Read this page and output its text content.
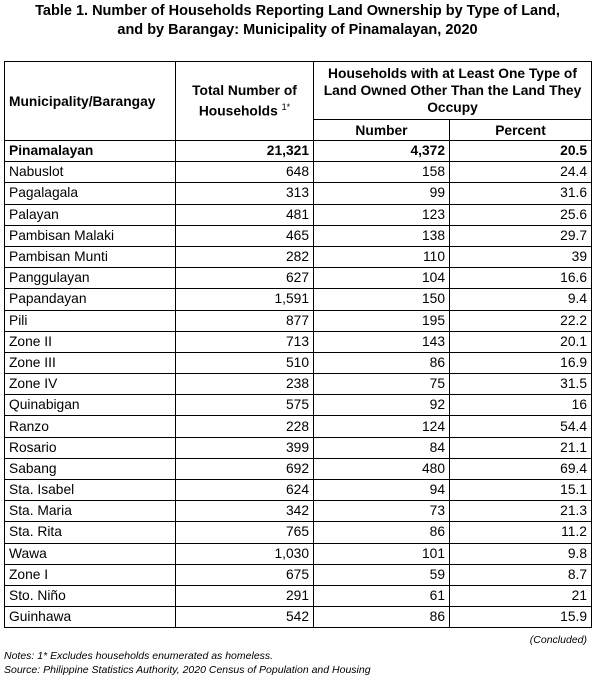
Table 1. Number of Households Reporting Land Ownership by Type of Land,
and by Barangay: Municipality of Pinamalayan, 2020
Municipality/Barangay	Total Number of Households $^{1*}$	Households with at Least One Type of Land Owned Other Than the Land They Occupy	
		Number	Percent
Pinamalayan	21,321	4,372	20.5
Nabuslot	648	158	24.4
Pagalagala	313	99	31.6
Palayan	481	123	25.6
Pambisan Malaki	465	138	29.7
Pambisan Munti	282	110	39
Panggulayan	627	104	16.6
Papandayan	1,591	150	9.4
Pili	877	195	22.2
Zone II	713	143	20.1
Zone III	510	86	16.9
Zone IV	238	75	31.5
Quinabigan	575	92	16
Ranzo	228	124	54.4
Rosario	399	84	21.1
Sabang	692	480	69.4
Sta. Isabel	624	94	15.1
Sta. Maria	342	73	21.3
Sta. Rita	765	86	11.2
Wawa	1,030	101	9.8
Zone I	675	59	8.7
Sto. Niño	291	61	21
Guinhawa	542	86	15.9
(Concluded)
Notes: 1* Excludes households enumerated as homeless.
Source: Philippine Statistics Authority, 2020 Census of Population and Housing
